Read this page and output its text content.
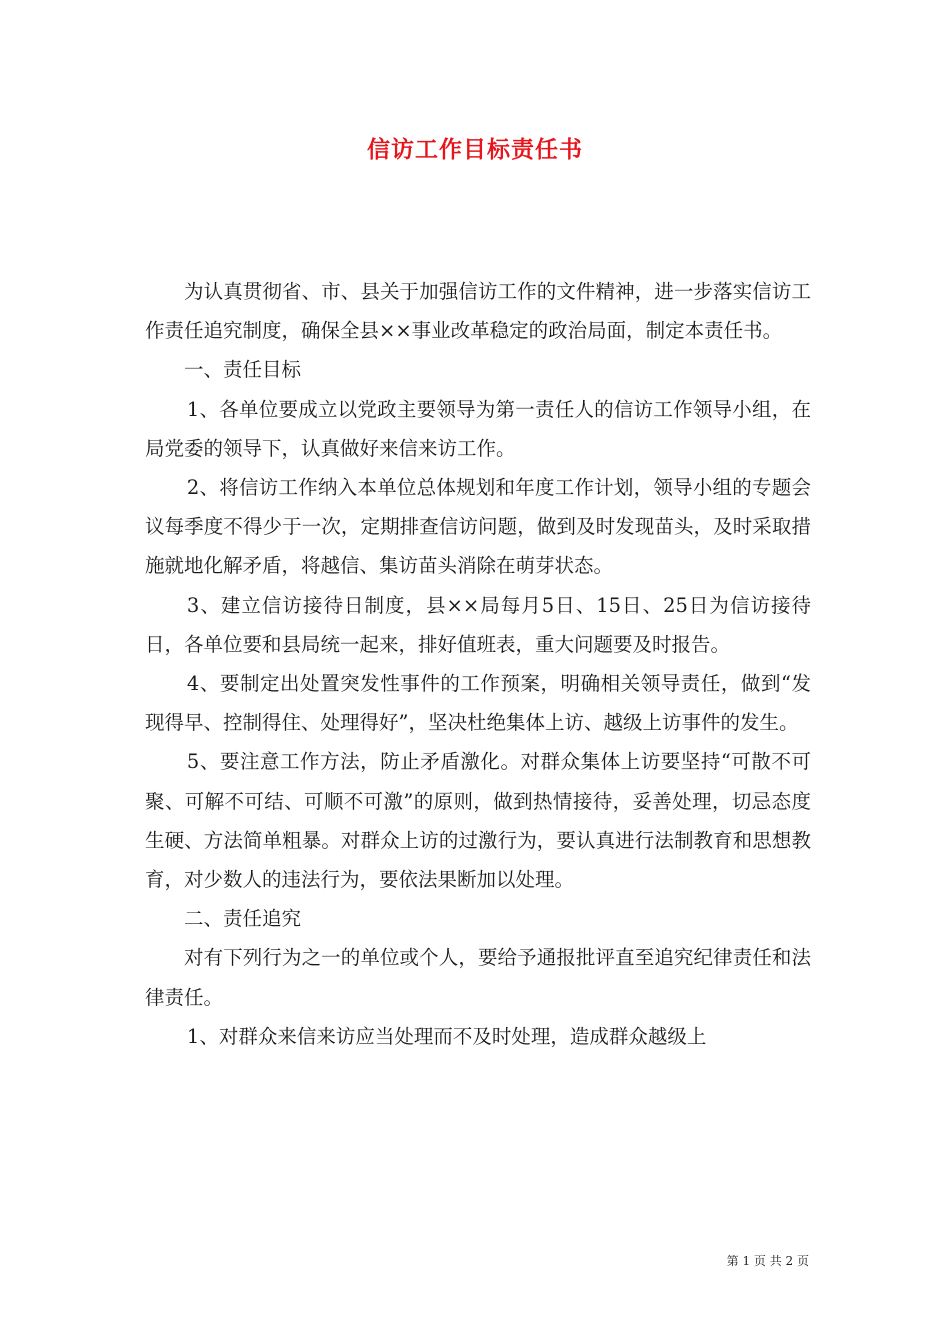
信访工作目标责任书

为认真贯彻省、市、县关于加强信访工作的文件精神，进一步落实信访工作责任追究制度，确保全县××事业改革稳定的政治局面，制定本责任书。

一、责任目标

1、各单位要成立以党政主要领导为第一责任人的信访工作领导小组，在局党委的领导下，认真做好来信来访工作。

2、将信访工作纳入本单位总体规划和年度工作计划，领导小组的专题会议每季度不得少于一次，定期排查信访问题，做到及时发现苗头，及时采取措施就地化解矛盾，将越信、集访苗头消除在萌芽状态。

3、建立信访接待日制度，县××局每月5日、15日、25日为信访接待日，各单位要和县局统一起来，排好值班表，重大问题要及时报告。

4、要制定出处置突发性事件的工作预案，明确相关领导责任，做到“发现得早、控制得住、处理得好”，坚决杜绝集体上访、越级上访事件的发生。

5、要注意工作方法，防止矛盾激化。对群众集体上访要坚持“可散不可聚、可解不可结、可顺不可激”的原则，做到热情接待，妥善处理，切忌态度生硬、方法简单粗暴。对群众上访的过激行为，要认真进行法制教育和思想教育，对少数人的违法行为，要依法果断加以处理。

二、责任追究

对有下列行为之一的单位或个人，要给予通报批评直至追究纪律责任和法律责任。

1、对群众来信来访应当处理而不及时处理，造成群众越级上

第 1 页 共 2 页
